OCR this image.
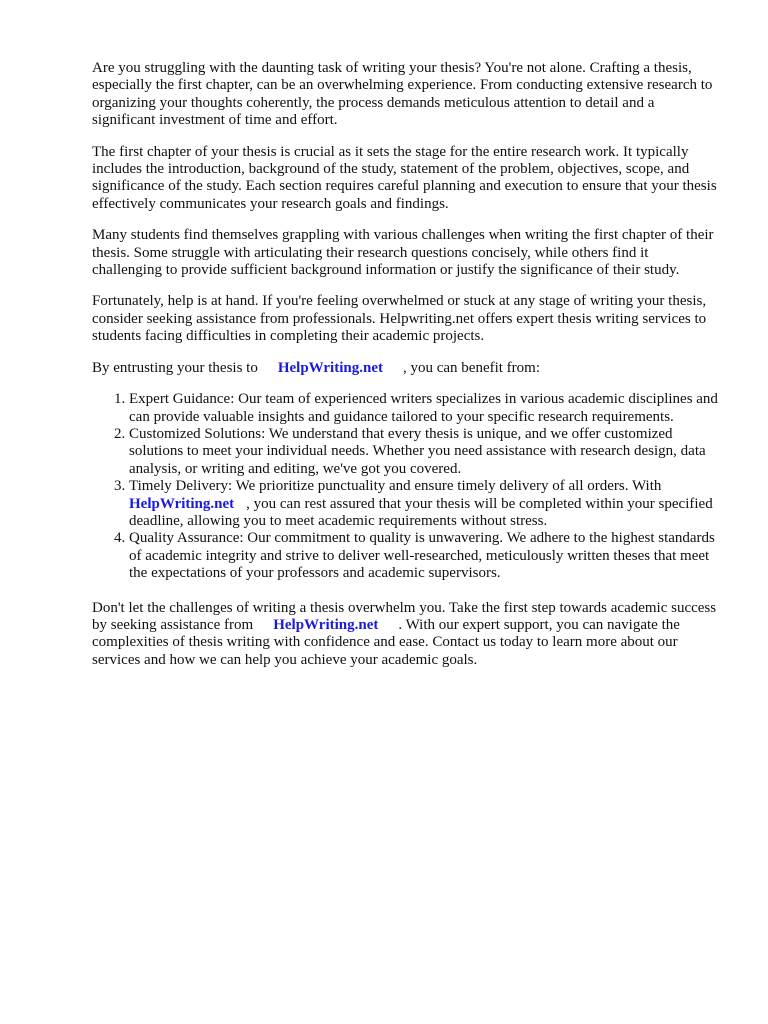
Are you struggling with the daunting task of writing your thesis? You're not alone. Crafting a thesis, especially the first chapter, can be an overwhelming experience. From conducting extensive research to organizing your thoughts coherently, the process demands meticulous attention to detail and a significant investment of time and effort.

The first chapter of your thesis is crucial as it sets the stage for the entire research work. It typically includes the introduction, background of the study, statement of the problem, objectives, scope, and significance of the study. Each section requires careful planning and execution to ensure that your thesis effectively communicates your research goals and findings.

Many students find themselves grappling with various challenges when writing the first chapter of their thesis. Some struggle with articulating their research questions concisely, while others find it challenging to provide sufficient background information or justify the significance of their study.

Fortunately, help is at hand. If you're feeling overwhelmed or stuck at any stage of writing your thesis, consider seeking assistance from professionals. Helpwriting.net offers expert thesis writing services to students facing difficulties in completing their academic projects.

By entrusting your thesis to HelpWriting.net , you can benefit from:

1. Expert Guidance: Our team of experienced writers specializes in various academic disciplines and can provide valuable insights and guidance tailored to your specific research requirements.
2. Customized Solutions: We understand that every thesis is unique, and we offer customized solutions to meet your individual needs. Whether you need assistance with research design, data analysis, or writing and editing, we've got you covered.
3. Timely Delivery: We prioritize punctuality and ensure timely delivery of all orders. With
HelpWriting.net , you can rest assured that your thesis will be completed within your specified deadline, allowing you to meet academic requirements without stress.
4. Quality Assurance: Our commitment to quality is unwavering. We adhere to the highest standards of academic integrity and strive to deliver well-researched, meticulously written theses that meet the expectations of your professors and academic supervisors.

Don't let the challenges of writing a thesis overwhelm you. Take the first step towards academic success by seeking assistance from HelpWriting.net . With our expert support, you can navigate the complexities of thesis writing with confidence and ease. Contact us today to learn more about our services and how we can help you achieve your academic goals.
